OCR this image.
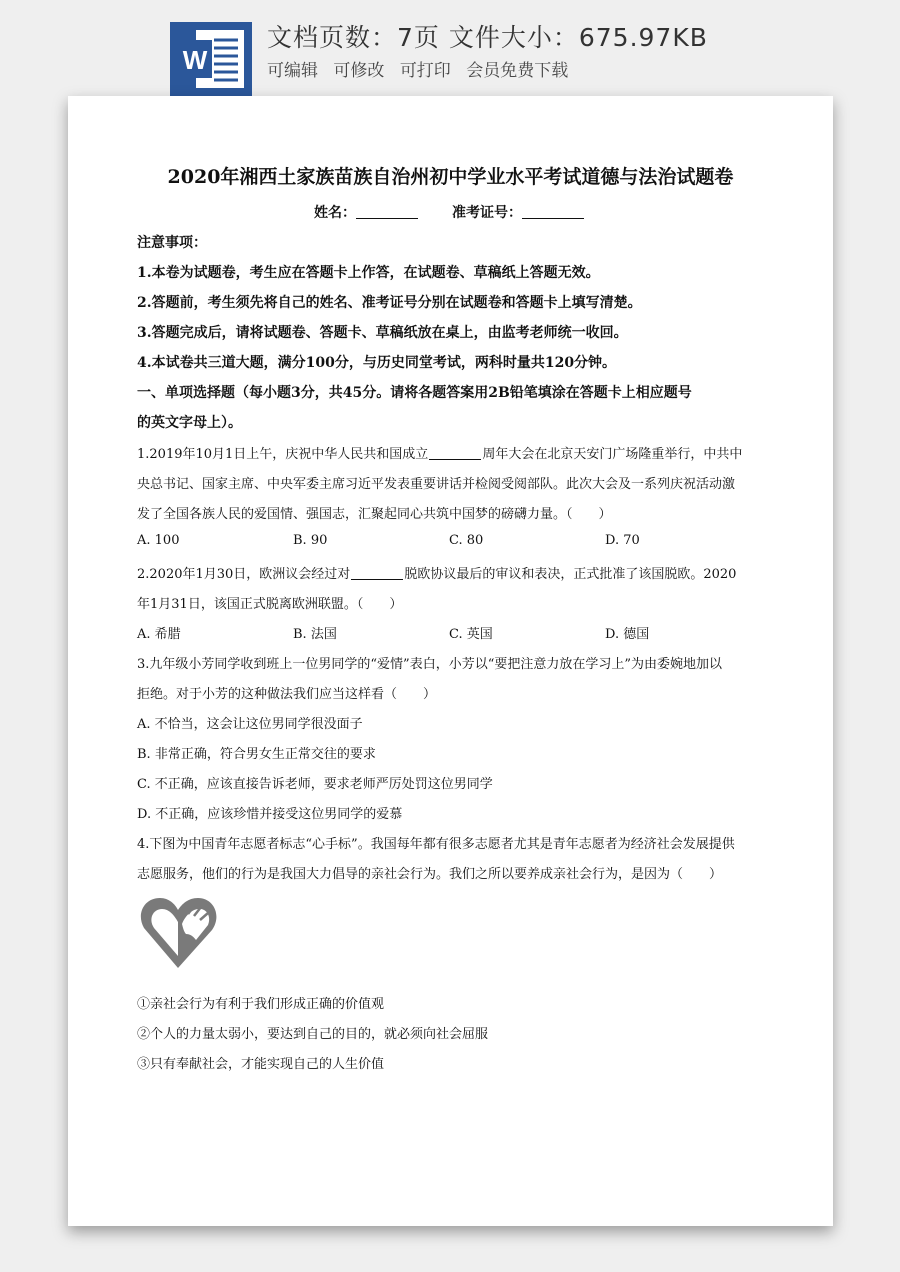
W
文档页数：7页 文件大小：675.97KB
可编辑 可修改 可打印 会员免费下载
2020年湘西土家族苗族自治州初中学业水平考试道德与法治试题卷
姓名：	准考证号：
注意事项：
1.本卷为试题卷，考生应在答题卡上作答，在试题卷、草稿纸上答题无效。
2.答题前，考生须先将自己的姓名、准考证号分别在试题卷和答题卡上填写清楚。
3.答题完成后，请将试题卷、答题卡、草稿纸放在桌上，由监考老师统一收回。
4.本试卷共三道大题，满分100分，与历史同堂考试，两科时量共120分钟。
一、单项选择题（每小题3分，共45分。请将各题答案用2B铅笔填涂在答题卡上相应题号
的英文字母上）。
1.2019年10月1日上午，庆祝中华人民共和国成立	周年大会在北京天安门广场隆重举行，中共中
央总书记、国家主席、中央军委主席习近平发表重要讲话并检阅受阅部队。此次大会及一系列庆祝活动激
发了全国各族人民的爱国情、强国志，汇聚起同心共筑中国梦的磅礴力量。（　　）
A. 100	B. 90	C. 80	D. 70
2.2020年1月30日，欧洲议会经过对	脱欧协议最后的审议和表决，正式批准了该国脱欧。2020
年1月31日，该国正式脱离欧洲联盟。（　　）
A. 希腊	B. 法国	C. 英国	D. 德国
3.九年级小芳同学收到班上一位男同学的“爱情”表白，小芳以“要把注意力放在学习上”为由委婉地加以
拒绝。对于小芳的这种做法我们应当这样看（　　）
A. 不恰当，这会让这位男同学很没面子
B. 非常正确，符合男女生正常交往的要求
C. 不正确，应该直接告诉老师，要求老师严厉处罚这位男同学
D. 不正确，应该珍惜并接受这位男同学的爱慕
4.下图为中国青年志愿者标志“心手标”。我国每年都有很多志愿者尤其是青年志愿者为经济社会发展提供
志愿服务，他们的行为是我国大力倡导的亲社会行为。我们之所以要养成亲社会行为，是因为（　　）
①亲社会行为有利于我们形成正确的价值观
②个人的力量太弱小，要达到自己的目的，就必须向社会屈服
③只有奉献社会，才能实现自己的人生价值
